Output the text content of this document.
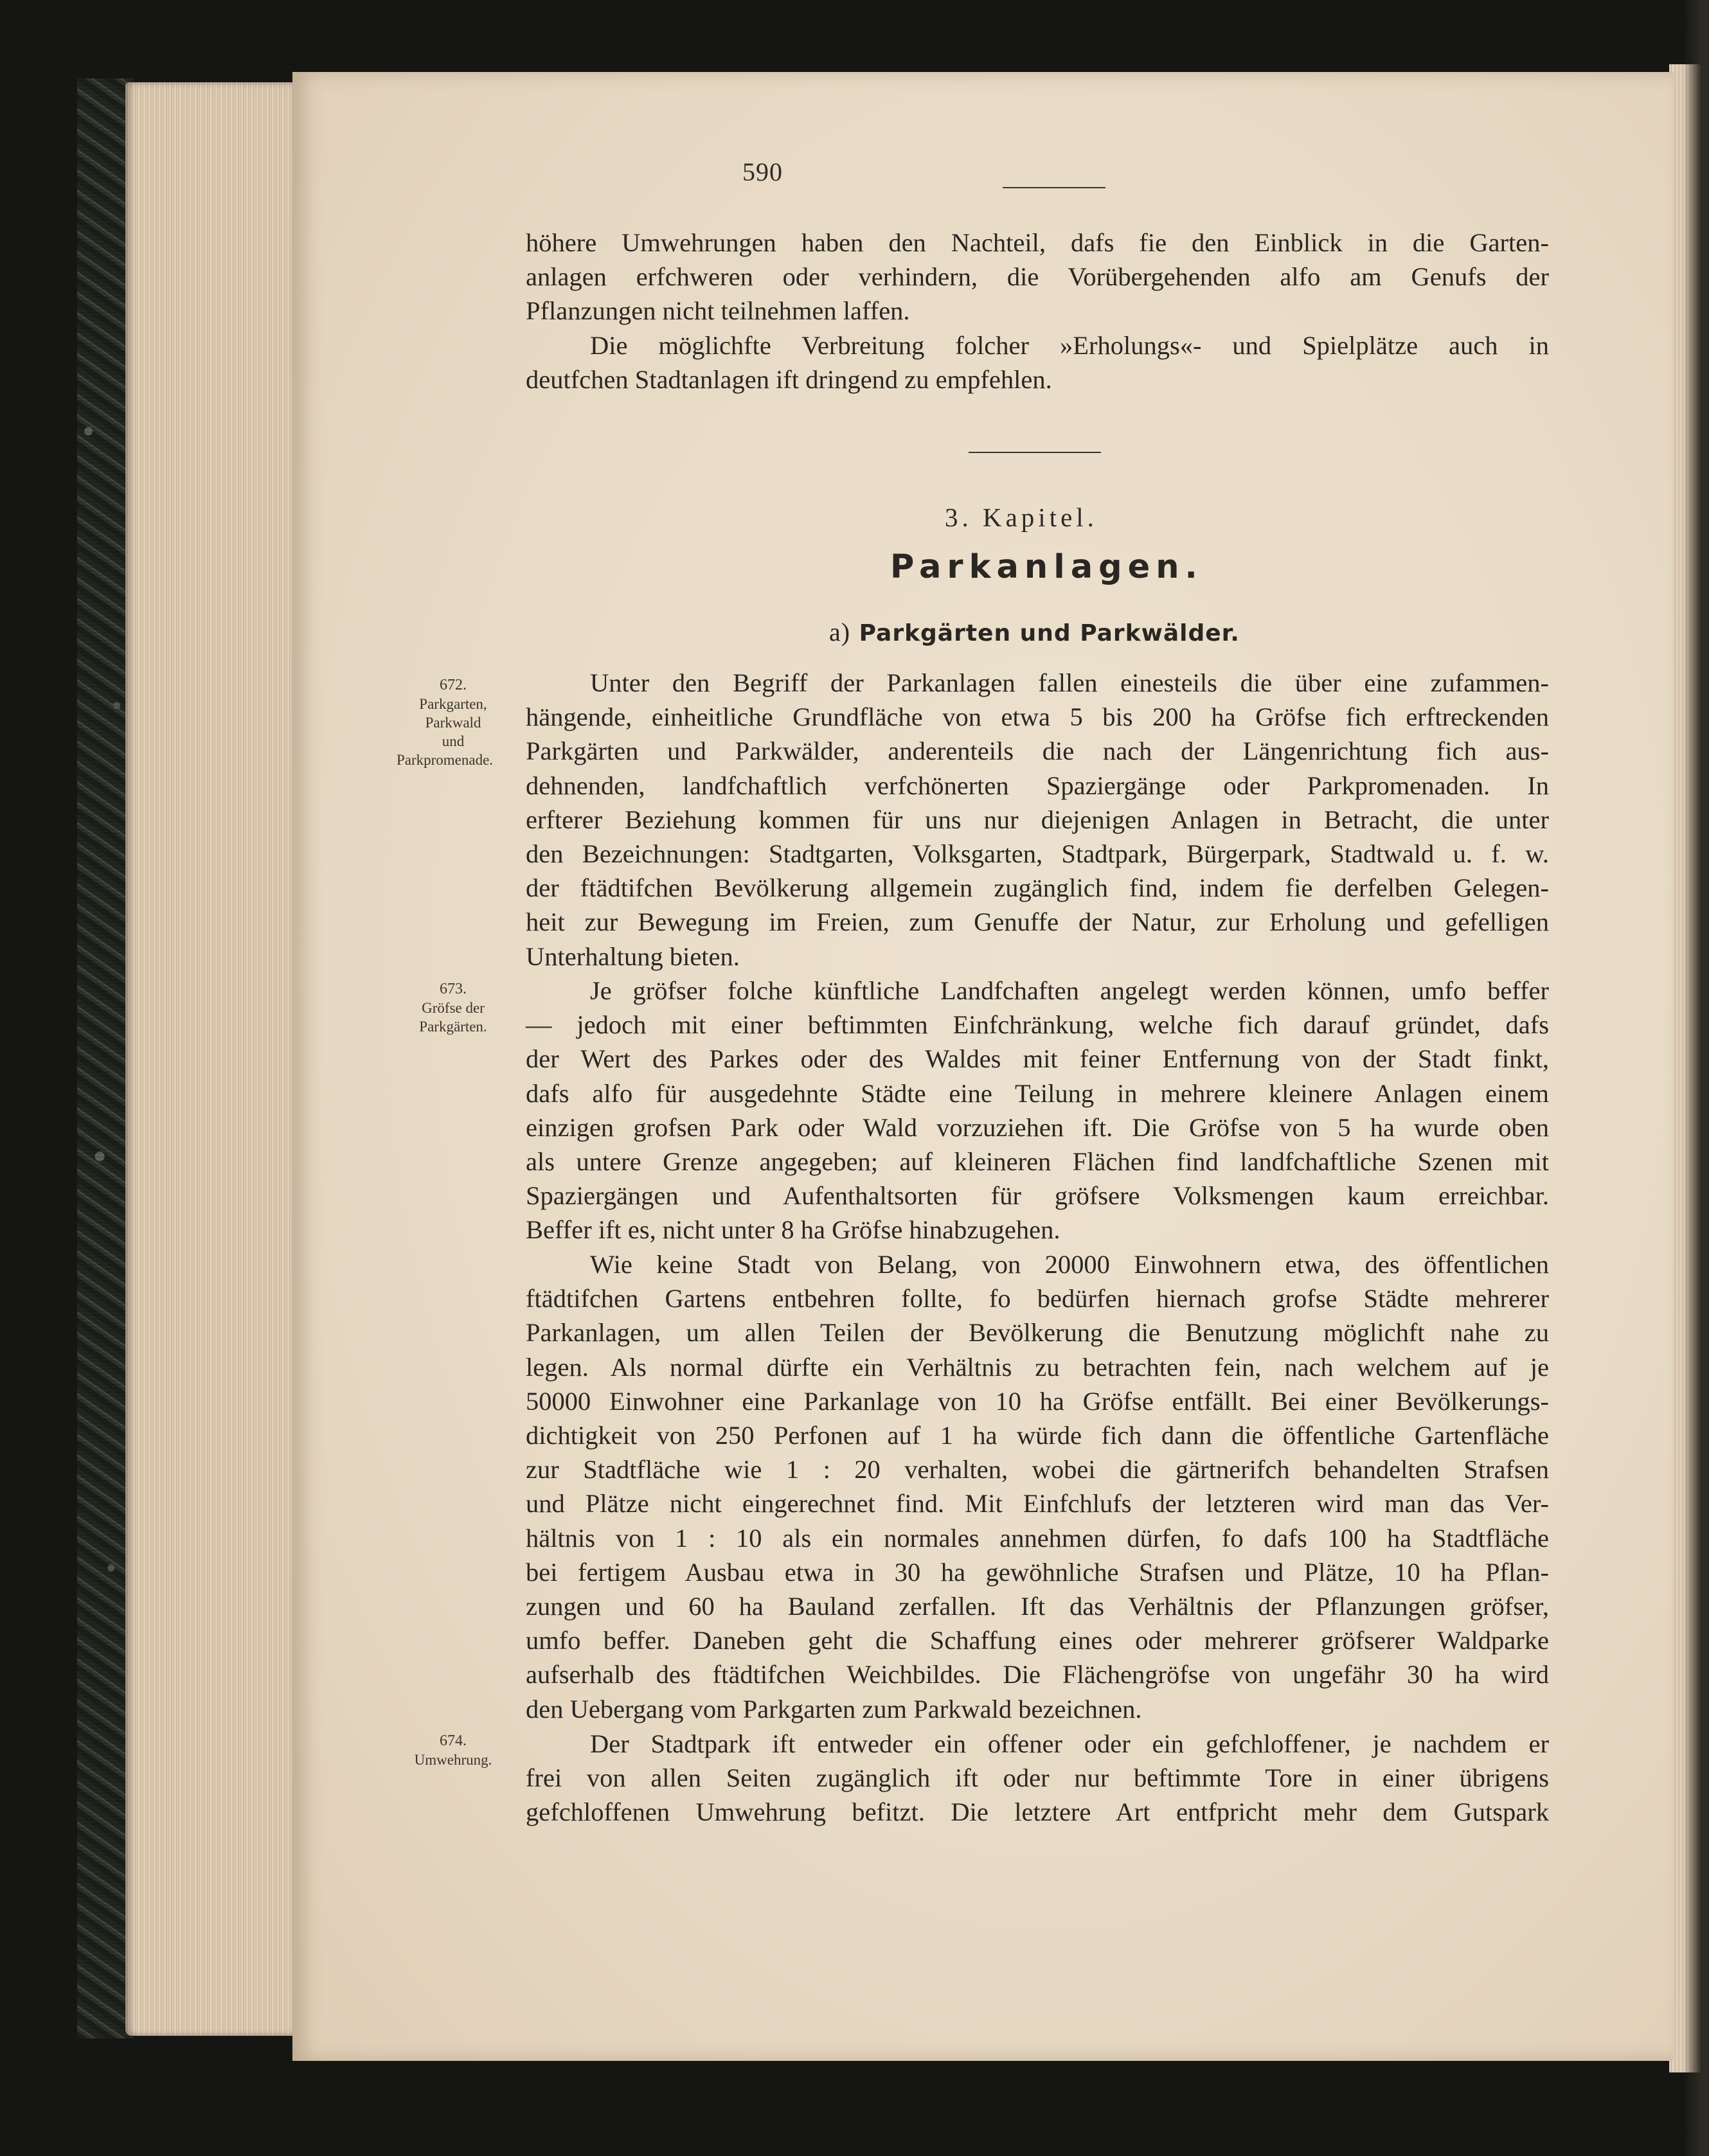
590
höhere Umwehrungen haben den Nachteil, dafs fie den Einblick in die Garten-
anlagen erfchweren oder verhindern, die Vorübergehenden alfo am Genufs der
Pflanzungen nicht teilnehmen laffen.
Die möglichfte Verbreitung folcher »Erholungs«- und Spielplätze auch in
deutfchen Stadtanlagen ift dringend zu empfehlen.
3. Kapitel.
Parkanlagen.
a) Parkgärten und Parkwälder.
672.
Parkgarten,
Parkwald
und
Parkpromenade.
673.
Gröfse der
Parkgärten.
674.
Umwehrung.
Unter den Begriff der Parkanlagen fallen einesteils die über eine zufammen-
hängende, einheitliche Grundfläche von etwa 5 bis 200 ha Gröfse fich erftreckenden
Parkgärten und Parkwälder, anderenteils die nach der Längenrichtung fich aus-
dehnenden, landfchaftlich verfchönerten Spaziergänge oder Parkpromenaden. In
erfterer Beziehung kommen für uns nur diejenigen Anlagen in Betracht, die unter
den Bezeichnungen: Stadtgarten, Volksgarten, Stadtpark, Bürgerpark, Stadtwald u. f. w.
der ftädtifchen Bevölkerung allgemein zugänglich find, indem fie derfelben Gelegen-
heit zur Bewegung im Freien, zum Genuffe der Natur, zur Erholung und gefelligen
Unterhaltung bieten.
Je gröfser folche künftliche Landfchaften angelegt werden können, umfo beffer
— jedoch mit einer beftimmten Einfchränkung, welche fich darauf gründet, dafs
der Wert des Parkes oder des Waldes mit feiner Entfernung von der Stadt finkt,
dafs alfo für ausgedehnte Städte eine Teilung in mehrere kleinere Anlagen einem
einzigen grofsen Park oder Wald vorzuziehen ift. Die Gröfse von 5 ha wurde oben
als untere Grenze angegeben; auf kleineren Flächen find landfchaftliche Szenen mit
Spaziergängen und Aufenthaltsorten für gröfsere Volksmengen kaum erreichbar.
Beffer ift es, nicht unter 8 ha Gröfse hinabzugehen.
Wie keine Stadt von Belang, von 20000 Einwohnern etwa, des öffentlichen
ftädtifchen Gartens entbehren follte, fo bedürfen hiernach grofse Städte mehrerer
Parkanlagen, um allen Teilen der Bevölkerung die Benutzung möglichft nahe zu
legen. Als normal dürfte ein Verhältnis zu betrachten fein, nach welchem auf je
50000 Einwohner eine Parkanlage von 10 ha Gröfse entfällt. Bei einer Bevölkerungs-
dichtigkeit von 250 Perfonen auf 1 ha würde fich dann die öffentliche Gartenfläche
zur Stadtfläche wie 1 : 20 verhalten, wobei die gärtnerifch behandelten Strafsen
und Plätze nicht eingerechnet find. Mit Einfchlufs der letzteren wird man das Ver-
hältnis von 1 : 10 als ein normales annehmen dürfen, fo dafs 100 ha Stadtfläche
bei fertigem Ausbau etwa in 30 ha gewöhnliche Strafsen und Plätze, 10 ha Pflan-
zungen und 60 ha Bauland zerfallen. Ift das Verhältnis der Pflanzungen gröfser,
umfo beffer. Daneben geht die Schaffung eines oder mehrerer gröfserer Waldparke
aufserhalb des ftädtifchen Weichbildes. Die Flächengröfse von ungefähr 30 ha wird
den Uebergang vom Parkgarten zum Parkwald bezeichnen.
Der Stadtpark ift entweder ein offener oder ein gefchloffener, je nachdem er
frei von allen Seiten zugänglich ift oder nur beftimmte Tore in einer übrigens
gefchloffenen Umwehrung befitzt. Die letztere Art entfpricht mehr dem Gutspark
